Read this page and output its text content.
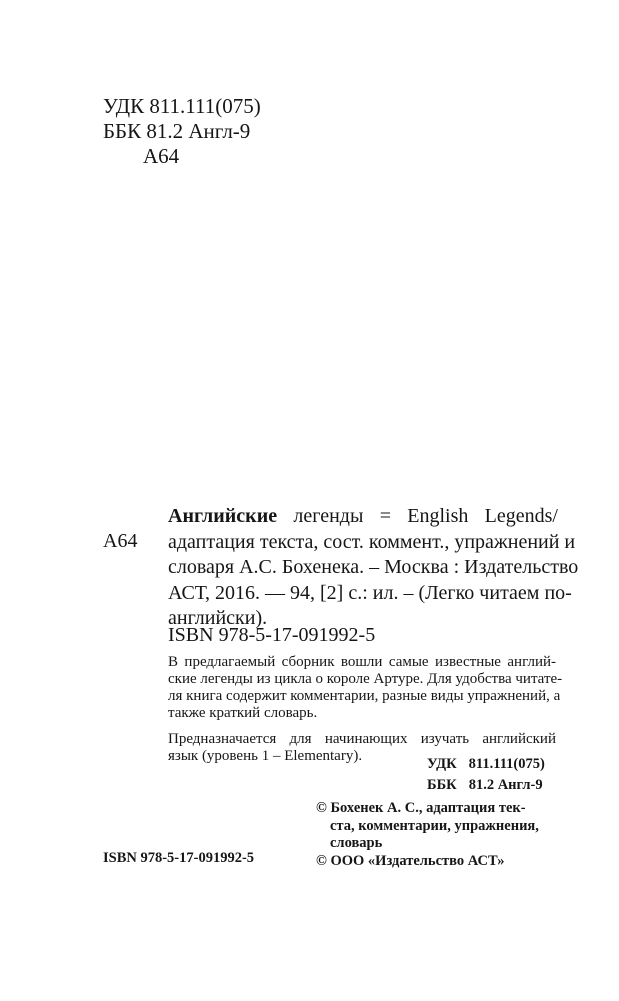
УДК 811.111(075)
ББК 81.2 Англ-9
А64
А64
Английские легенды = English Legends/
адаптация текста, сост. коммент., упражнений и
словаря А.С. Бохенека. – Москва : Издательство
АСТ, 2016. — 94, [2] с.: ил. – (Легко читаем по-
английски).
ISBN 978-5-17-091992-5
В предлагаемый сборник вошли самые известные англий-
ские легенды из цикла о короле Артуре. Для удобства читате-
ля книга содержит комментарии, разные виды упражнений, а
также краткий словарь.
Предназначается для начинающих изучать английский
язык (уровень 1 – Elementary).	УДК 811.111(075)
ББК 81.2 Англ-9
© Бохенек А. С., адаптация тек-
ста, комментарии, упражнения,
словарь
© ООО «Издательство АСТ»
ISBN 978-5-17-091992-5
